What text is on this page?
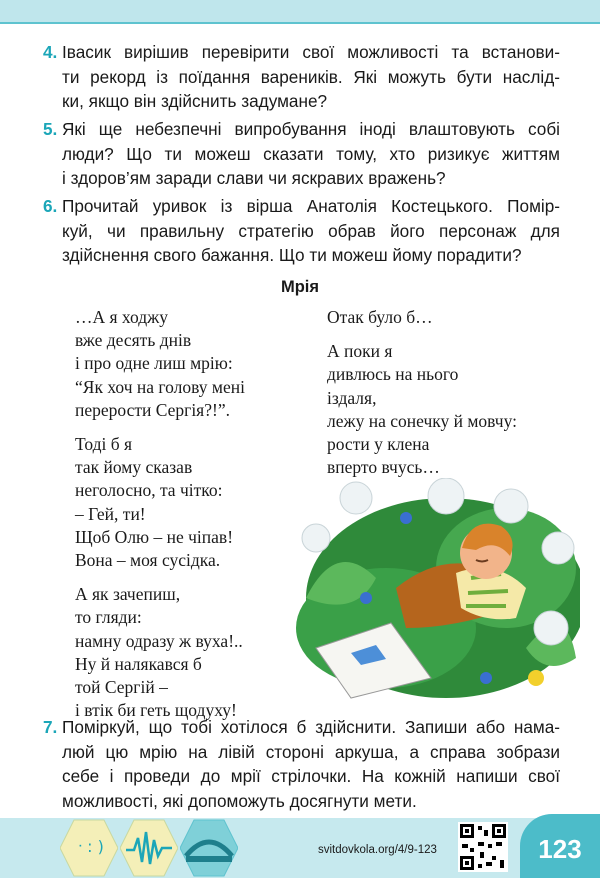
4. Івасик вирішив перевірити свої можливості та встанови-
ти рекорд із поїдання вареників. Які можуть бути наслід-
ки, якщо він здійснить задумане?
5. Які ще небезпечні випробування іноді влаштовують собі
люди? Що ти можеш сказати тому, хто ризикує життям
і здоров’ям заради слави чи яскравих вражень?
6. Прочитай уривок із вірша Анатолія Костецького. Помір-
куй, чи правильну стратегію обрав його персонаж для
здійснення свого бажання. Що ти можеш йому порадити?
7. Поміркуй, що тобі хотілося б здійснити. Запиши або нама-
люй цю мрію на лівій стороні аркуша, а справа зобрази
себе і проведи до мрії стрілочки. На кожній напиши свої
можливості, які допоможуть досягнути мети.
Мрія
…А я ходжу
вже десять днів
і про одне лиш мрію:
“Як хоч на голову мені
перерости Сергія?!”.
Тоді б я
так йому сказав
неголосно, та чітко:
– Гей, ти!
Щоб Олю – не чіпав!
Вона – моя сусідка.
А як зачепиш,
то гляди:
намну одразу ж вуха!..
Ну й налякався б
той Сергій –
і втік би геть щодуху!
Отак було б…
А поки я
дивлюсь на нього
іздаля,
лежу на сонечку й мовчу:
рости у клена
вперто вчусь…
ᐧ : )	svitdovkola.org/4/9-123	123
